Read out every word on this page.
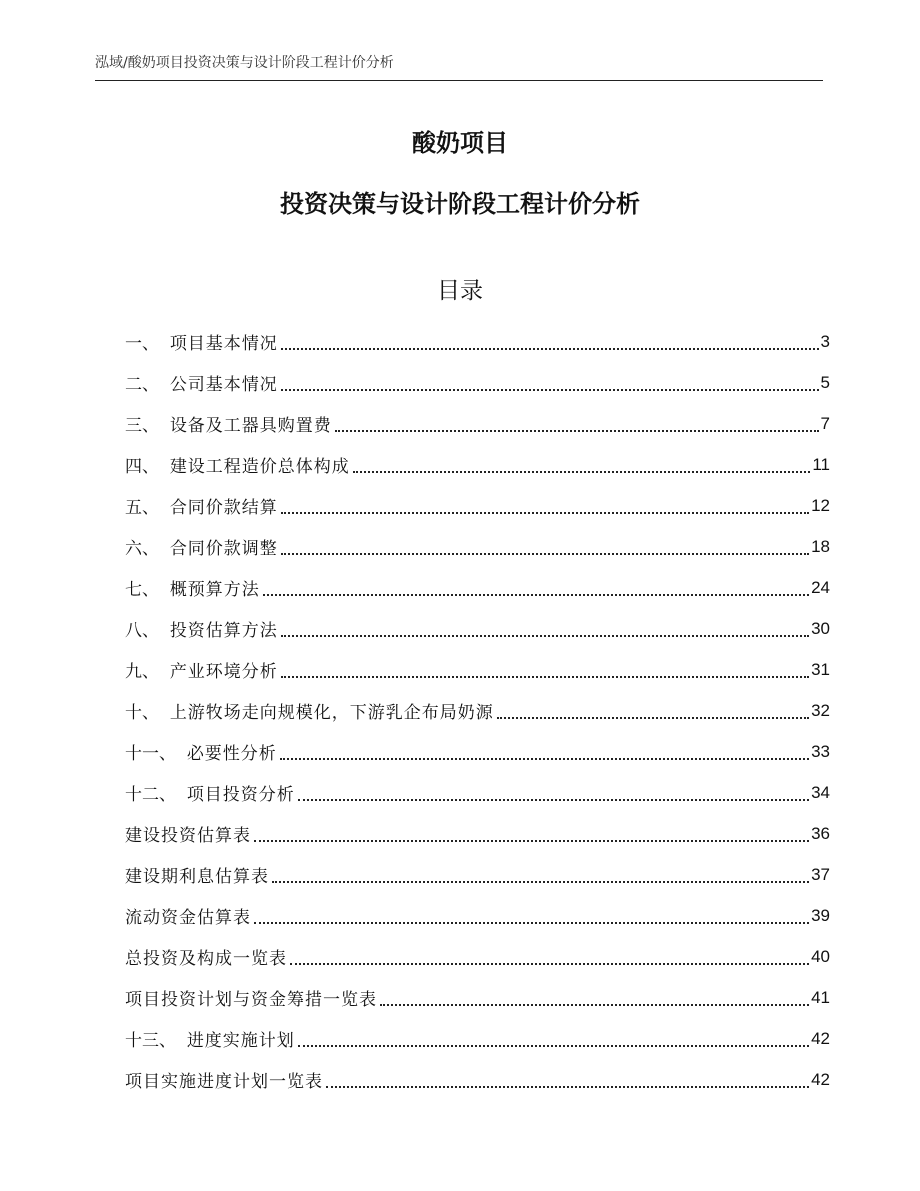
泓域/酸奶项目投资决策与设计阶段工程计价分析
酸奶项目
投资决策与设计阶段工程计价分析
目录
一、 项目基本情况	3
二、 公司基本情况	5
三、 设备及工器具购置费	7
四、 建设工程造价总体构成	11
五、 合同价款结算	12
六、 合同价款调整	18
七、 概预算方法	24
八、 投资估算方法	30
九、 产业环境分析	31
十、 上游牧场走向规模化，下游乳企布局奶源	32
十一、 必要性分析	33
十二、 项目投资分析	34
建设投资估算表	36
建设期利息估算表	37
流动资金估算表	39
总投资及构成一览表	40
项目投资计划与资金筹措一览表	41
十三、 进度实施计划	42
项目实施进度计划一览表	42
